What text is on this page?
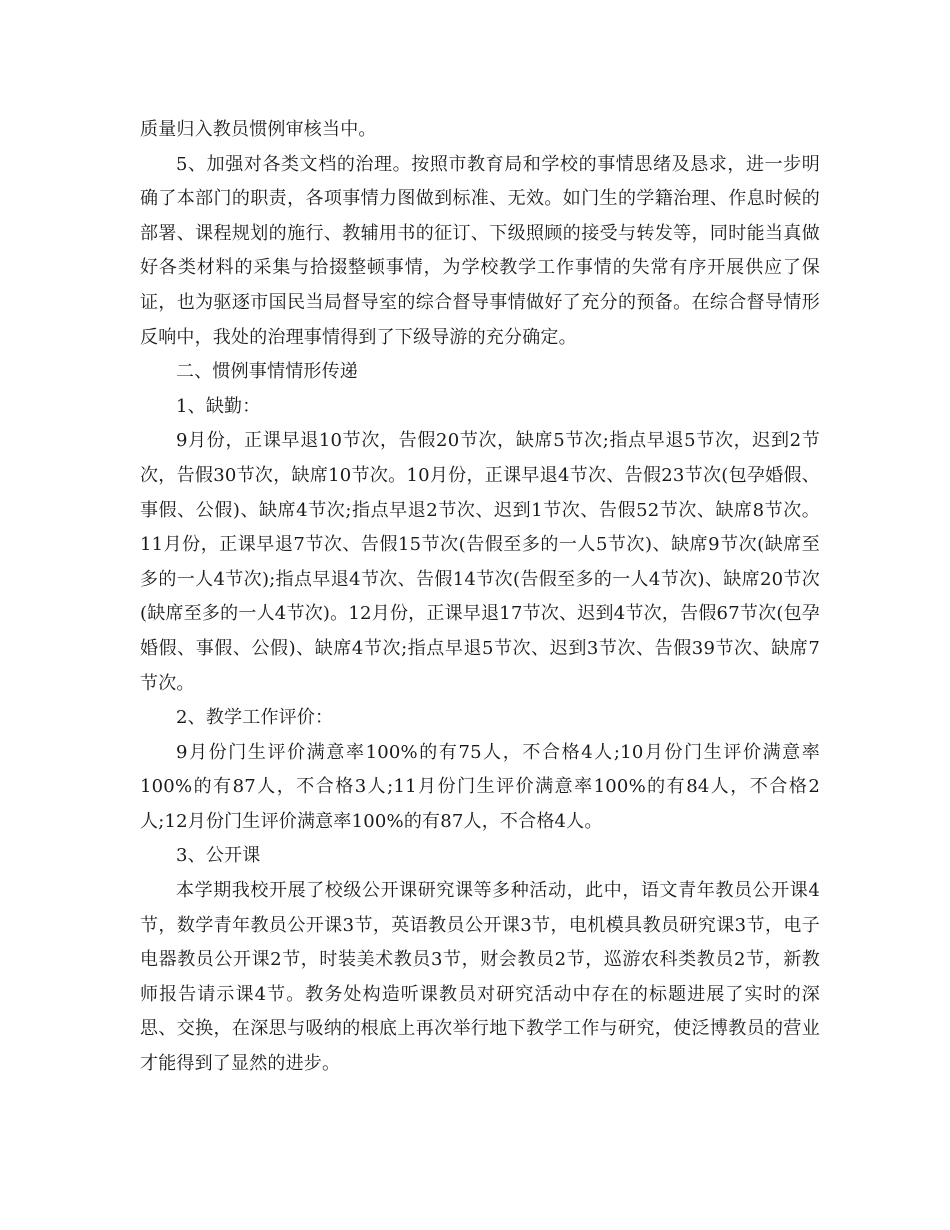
质量归入教员惯例审核当中。

5、加强对各类文档的治理。按照市教育局和学校的事情思绪及恳求，进一步明确了本部门的职责，各项事情力图做到标准、无效。如门生的学籍治理、作息时候的部署、课程规划的施行、教辅用书的征订、下级照顾的接受与转发等，同时能当真做好各类材料的采集与拾掇整顿事情，为学校教学工作事情的失常有序开展供应了保证，也为驱逐市国民当局督导室的综合督导事情做好了充分的预备。在综合督导情形反响中，我处的治理事情得到了下级导游的充分确定。

二、惯例事情情形传递

1、缺勤：

9月份，正课早退10节次，告假20节次，缺席5节次;指点早退5节次，迟到2节次，告假30节次，缺席10节次。10月份，正课早退4节次、告假23节次(包孕婚假、事假、公假)、缺席4节次;指点早退2节次、迟到1节次、告假52节次、缺席8节次。11月份，正课早退7节次、告假15节次(告假至多的一人5节次)、缺席9节次(缺席至多的一人4节次);指点早退4节次、告假14节次(告假至多的一人4节次)、缺席20节次(缺席至多的一人4节次)。12月份，正课早退17节次、迟到4节次，告假67节次(包孕婚假、事假、公假)、缺席4节次;指点早退5节次、迟到3节次、告假39节次、缺席7节次。

2、教学工作评价：

9月份门生评价满意率100%的有75人，不合格4人;10月份门生评价满意率100%的有87人，不合格3人;11月份门生评价满意率100%的有84人，不合格2人;12月份门生评价满意率100%的有87人，不合格4人。

3、公开课

本学期我校开展了校级公开课研究课等多种活动，此中，语文青年教员公开课4节，数学青年教员公开课3节，英语教员公开课3节，电机模具教员研究课3节，电子电器教员公开课2节，时装美术教员3节，财会教员2节，巡游农科类教员2节，新教师报告请示课4节。教务处构造听课教员对研究活动中存在的标题进展了实时的深思、交换，在深思与吸纳的根底上再次举行地下教学工作与研究，使泛博教员的营业才能得到了显然的进步。
